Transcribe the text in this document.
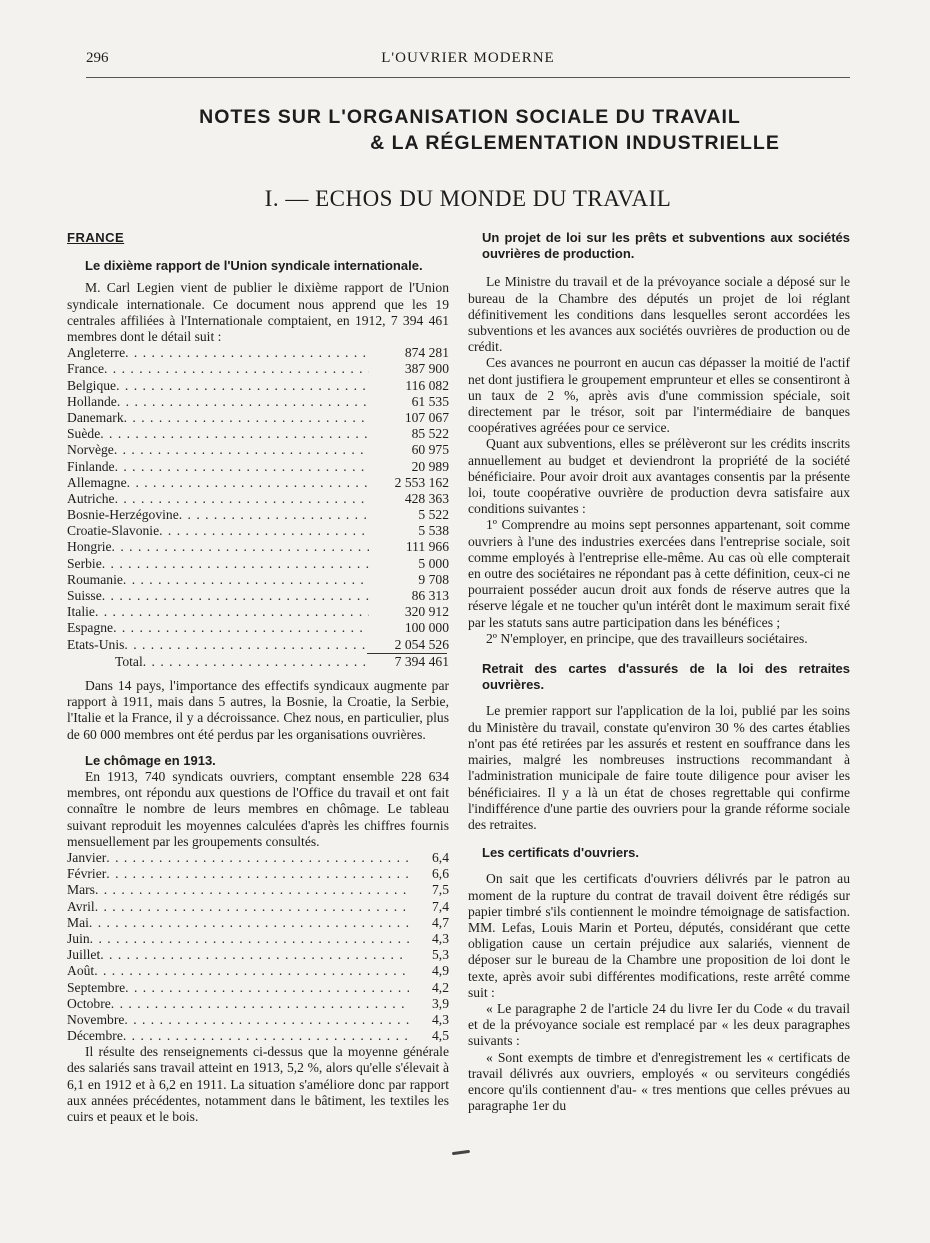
296	L'OUVRIER MODERNE
NOTES SUR L'ORGANISATION SOCIALE DU TRAVAIL
& LA RÉGLEMENTATION INDUSTRIELLE
I. — ECHOS DU MONDE DU TRAVAIL
FRANCE
Le dixième rapport de l'Union syndicale internationale.

M. Carl Legien vient de publier le dixième rapport de l'Union syndicale internationale. Ce document nous apprend que les 19 centrales affiliées à l'Internationale comptaient, en 1912, 7 394 461 membres dont le détail suit :

Angleterre . . .	874 281
France . . .	387 900
Belgique . . .	116 082
Hollande . . .	61 535
Danemark . . .	107 067
Suède . . .	85 522
Norvège . . .	60 975
Finlande . . .	20 989
Allemagne . . .	2 553 162
Autriche . . .	428 363
Bosnie-Herzégovine . . .	5 522
Croatie-Slavonie . . .	5 538
Hongrie . . .	111 966
Serbie . . .	5 000
Roumanie . . .	9 708
Suisse . . .	86 313
Italie . . .	320 912
Espagne . . .	100 000
Etats-Unis . . .	2 054 526
Total . . .	7 394 461

Dans 14 pays, l'importance des effectifs syndicaux augmente par rapport à 1911, mais dans 5 autres, la Bosnie, la Croatie, la Serbie, l'Italie et la France, il y a décroissance. Chez nous, en particulier, plus de 60 000 membres ont été perdus par les organisations ouvrières.

Le chômage en 1913.

En 1913, 740 syndicats ouvriers, comptant ensemble 228 634 membres, ont répondu aux questions de l'Office du travail et ont fait connaître le nombre de leurs membres en chômage. Le tableau suivant reproduit les moyennes calculées d'après les chiffres fournis mensuellement par les groupements consultés.

Janvier . . .	6,4
Février . . .	6,6
Mars . . .	7,5
Avril . . .	7,4
Mai . . .	4,7
Juin . . .	4,3
Juillet . . .	5,3
Août . . .	4,9
Septembre . . .	4,2
Octobre . . .	3,9
Novembre . . .	4,3
Décembre . . .	4,5

Il résulte des renseignements ci-dessus que la moyenne générale des salariés sans travail atteint en 1913, 5,2 %, alors qu'elle s'élevait à 6,1 en 1912 et à 6,2 en 1911. La situation s'améliore donc par rapport aux années précédentes, notamment dans le bâtiment, les textiles les cuirs et peaux et le bois.

Un projet de loi sur les prêts et subventions aux sociétés ouvrières de production.

Le Ministre du travail et de la prévoyance sociale a déposé sur le bureau de la Chambre des députés un projet de loi réglant définitivement les conditions dans lesquelles seront accordées les subventions et les avances aux sociétés ouvrières de production ou de crédit.

Ces avances ne pourront en aucun cas dépasser la moitié de l'actif net dont justifiera le groupement emprunteur et elles se consentiront à un taux de 2 %, après avis d'une commission spéciale, soit directement par le trésor, soit par l'intermédiaire de banques coopératives agréées pour ce service.

Quant aux subventions, elles se prélèveront sur les crédits inscrits annuellement au budget et deviendront la propriété de la société bénéficiaire. Pour avoir droit aux avantages consentis par la présente loi, toute coopérative ouvrière de production devra satisfaire aux conditions suivantes :

1º Comprendre au moins sept personnes appartenant, soit comme ouvriers à l'une des industries exercées dans l'entreprise sociale, soit comme employés à l'entreprise elle-même. Au cas où elle compterait en outre des sociétaires ne répondant pas à cette définition, ceux-ci ne pourraient posséder aucun droit aux fonds de réserve autres que la réserve légale et ne toucher qu'un intérêt dont le maximum serait fixé par les statuts sans autre participation dans les bénéfices ;

2º N'employer, en principe, que des travailleurs sociétaires.

Retrait des cartes d'assurés de la loi des retraites ouvrières.

Le premier rapport sur l'application de la loi, publié par les soins du Ministère du travail, constate qu'environ 30 % des cartes établies n'ont pas été retirées par les assurés et restent en souffrance dans les mairies, malgré les nombreuses instructions recommandant à l'administration municipale de faire toute diligence pour aviser les bénéficiaires. Il y a là un état de choses regrettable qui confirme l'indifférence d'une partie des ouvriers pour la grande réforme sociale des retraites.

Les certificats d'ouvriers.

On sait que les certificats d'ouvriers délivrés par le patron au moment de la rupture du contrat de travail doivent être rédigés sur papier timbré s'ils contiennent le moindre témoignage de satisfaction. MM. Lefas, Louis Marin et Porteu, députés, considérant que cette obligation cause un certain préjudice aux salariés, viennent de déposer sur le bureau de la Chambre une proposition de loi dont le texte, après avoir subi différentes modifications, reste arrêté comme suit :

« Le paragraphe 2 de l'article 24 du livre Ier du Code « du travail et de la prévoyance sociale est remplacé par « les deux paragraphes suivants :

« Sont exempts de timbre et d'enregistrement les « certificats de travail délivrés aux ouvriers, employés « ou serviteurs congédiés encore qu'ils contiennent d'au- « tres mentions que celles prévues au paragraphe 1er du
